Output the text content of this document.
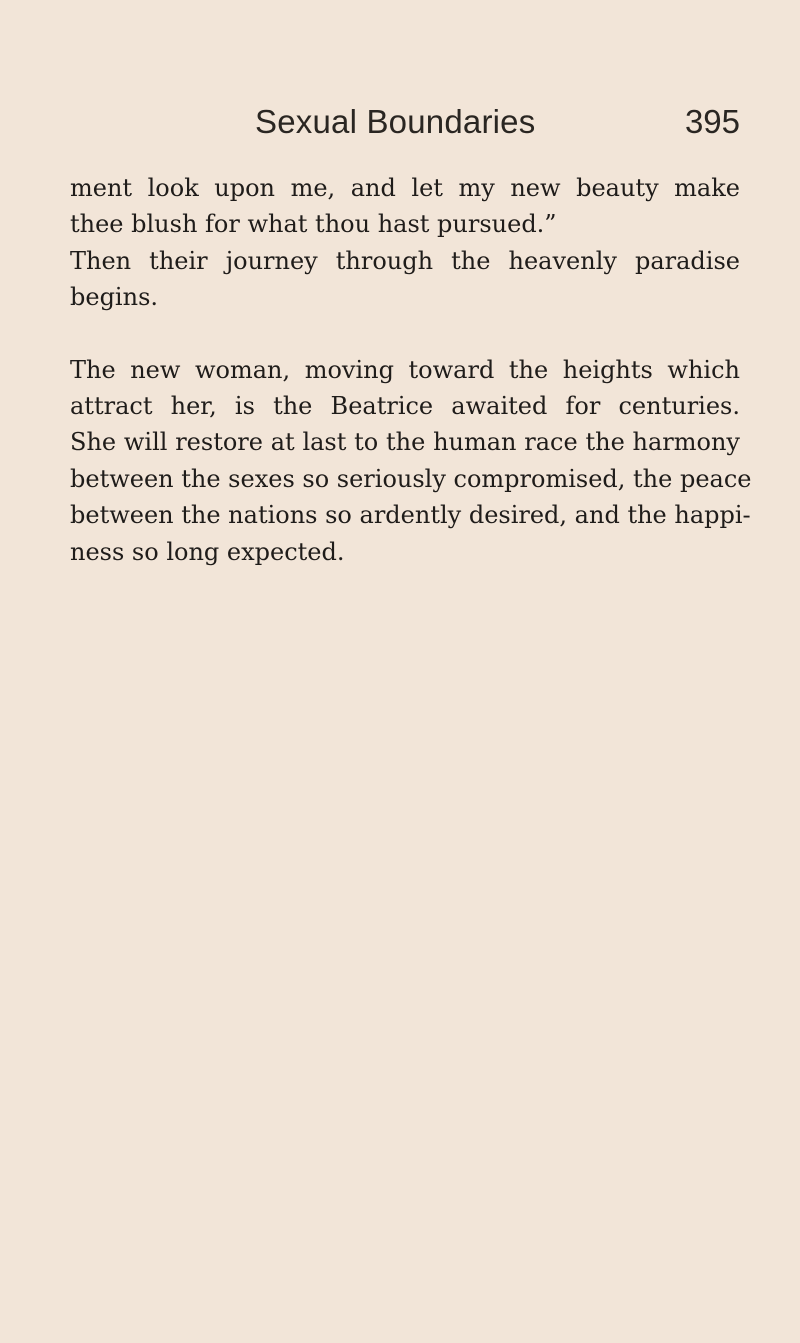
Sexual Boundaries	395
ment look upon me, and let my new beauty make
thee blush for what thou hast pursued.”
Then their journey through the heavenly paradise
begins.
The new woman, moving toward the heights which
attract her, is the Beatrice awaited for centuries.
She will restore at last to the human race the harmony
between the sexes so seriously compromised, the peace
between the nations so ardently desired, and the happi-
ness so long expected.
